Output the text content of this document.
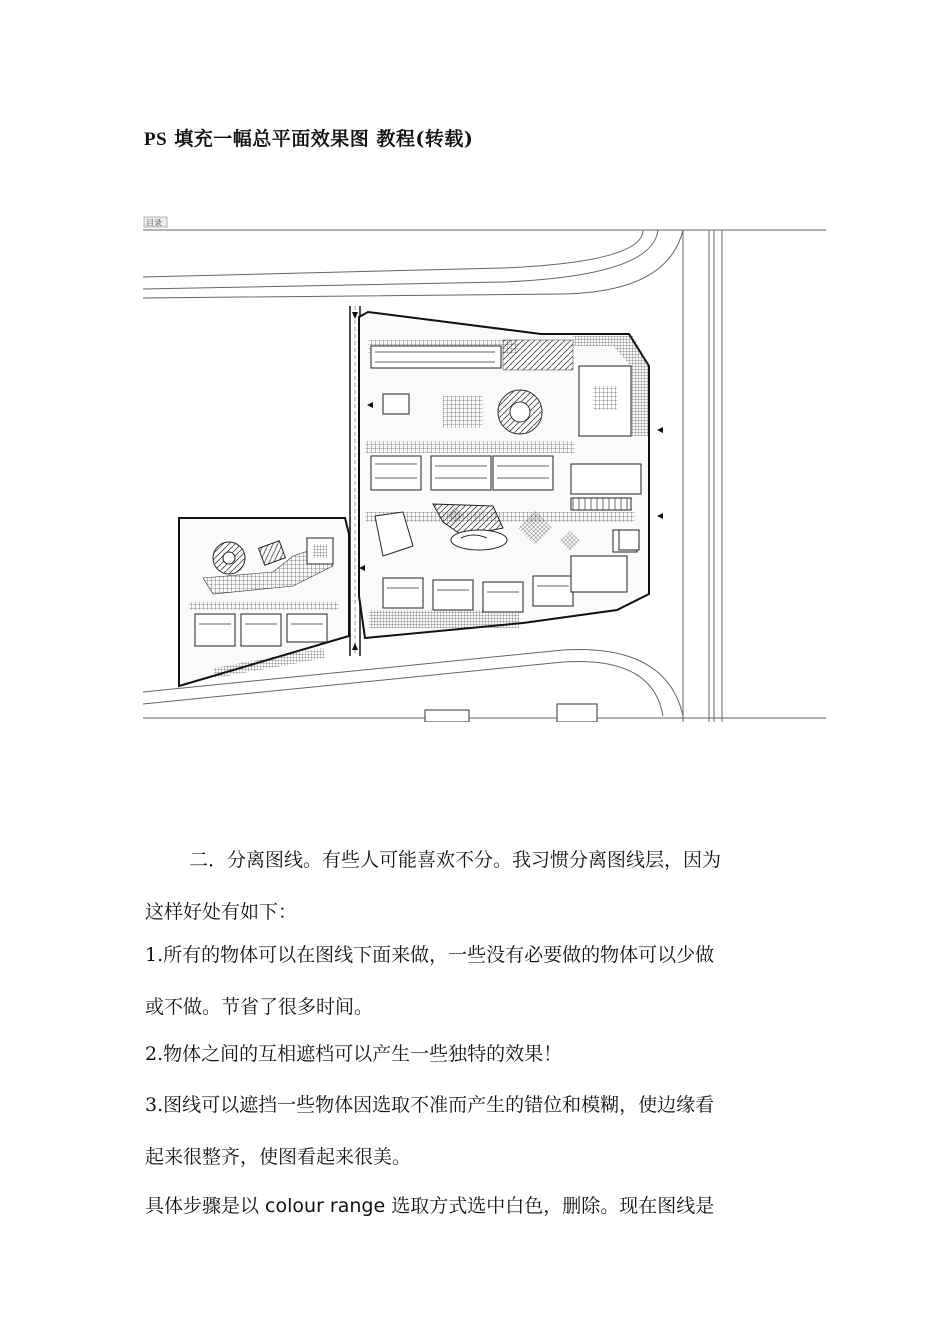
PS 填充一幅总平面效果图 教程(转载)
目录
二．分离图线。有些人可能喜欢不分。我习惯分离图线层，因为
这样好处有如下：
1.所有的物体可以在图线下面来做，一些没有必要做的物体可以少做
或不做。节省了很多时间。
2.物体之间的互相遮档可以产生一些独特的效果！
3.图线可以遮挡一些物体因选取不准而产生的错位和模糊，使边缘看
起来很整齐，使图看起来很美。
具体步骤是以 colour range 选取方式选中白色，删除。现在图线是
